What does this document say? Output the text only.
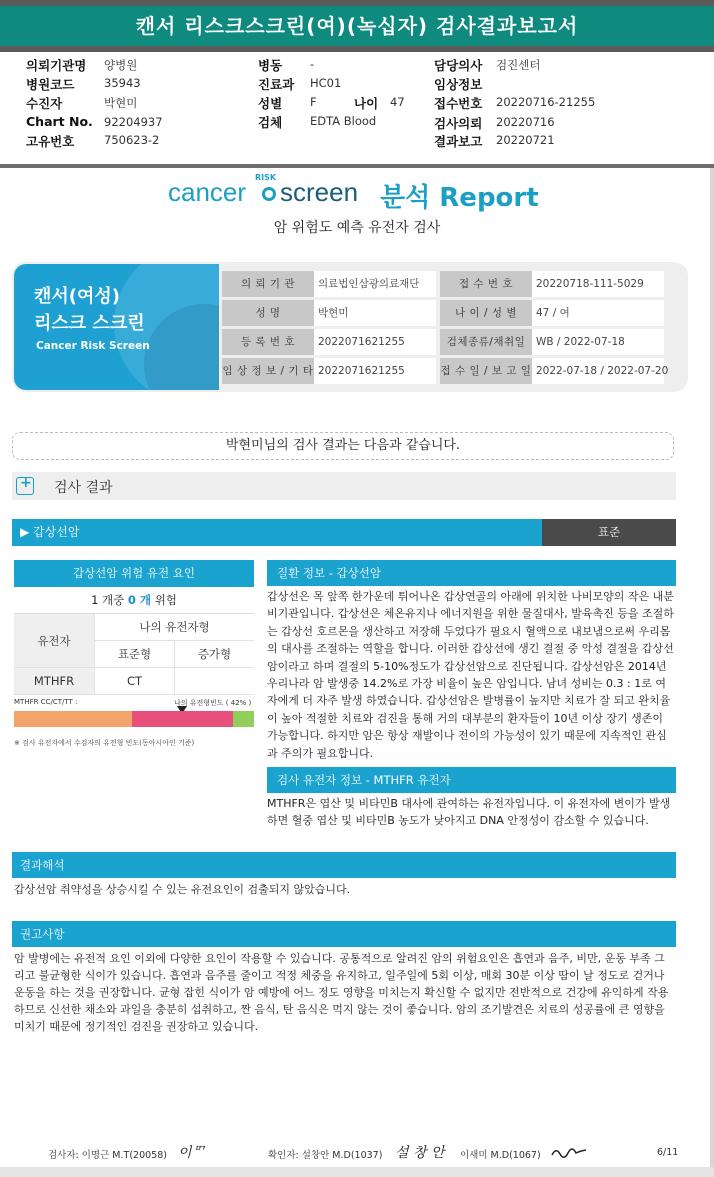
캔서 리스크스크린(여)(녹십자) 검사결과보고서
의뢰기관명 양병원
병원코드	35943
수진자	박현미
Chart No. 92204937
고유번호	750623-2
병동 -
진료과 HC01
성별 F	나이 47
검체 EDTA Blood
담당의사 검진센터
임상정보
접수번호 20220716-21255
검사의뢰 20220716
결과보고 20220721
cancer RISK screen 분석 Report
암 위험도 예측 유전자 검사
캔서(여성)
리스크 스크린
Cancer Risk Screen
의 뢰 기 관	의료법인삼광의료재단	접 수 번 호	20220718-111-5029
성 명	박현미	나 이 / 성 별	47 / 여
등 록 번 호	2022071621255	검체종류/채취일	WB / 2022-07-18
임 상 정 보 / 기 타 2022071621255	접 수 일 / 보 고 일 2022-07-18 / 2022-07-20
박현미님의 검사 결과는 다음과 같습니다.
+
검사 결과
▶ 갑상선암	표준
갑상선암 위험 유전 요인
1 개중 0 개 위험
유전자
나의 유전자형
표준형	증가형
MTHFR	CT
MTHFR CC/CT/TT :	나의 유전형빈도 ( 42% )
※ 검사 유전자에서 수검자의 유전형 빈도(동아시아인 기준)
질환 정보 - 갑상선암
갑상선은 목 앞쪽 한가운데 튀어나온 갑상연골의 아래에 위치한 나비모양의 작은 내분비기관입니다. 갑상선은 체온유지나 에너지원을 위한 물질대사, 발육촉진 등을 조절하는 갑상선 호르몬을 생산하고 저장해 두었다가 필요시 혈액으로 내보냄으로써 우리몸의 대사를 조절하는 역할을 합니다. 이러한 갑상선에 생긴 결절 중 악성 결절을 갑상선암이라고 하며 결절의 5-10%정도가 갑상선암으로 진단됩니다. 갑상선암은 2014년 우리나라 암 발생중 14.2%로 가장 비율이 높은 암입니다. 남녀 성비는 0.3 : 1로 여자에게 더 자주 발생 하였습니다. 갑상선암은 발병률이 높지만 치료가 잘 되고 완치율이 높아 적절한 치료와 검진을 통해 거의 대부분의 환자들이 10년 이상 장기 생존이 가능합니다. 하지만 암은 항상 재발이나 전이의 가능성이 있기 때문에 지속적인 관심과 주의가 필요합니다.
검사 유전자 정보 - MTHFR 유전자
MTHFR은 엽산 및 비타민B 대사에 관여하는 유전자입니다. 이 유전자에 변이가 발생하면 혈중 엽산 및 비타민B 농도가 낮아지고 DNA 안정성이 감소할 수 있습니다.
결과해석
갑상선암 취약성을 상승시킬 수 있는 유전요인이 검출되지 않았습니다.
권고사항
암 발병에는 유전적 요인 이외에 다양한 요인이 작용할 수 있습니다. 공통적으로 알려진 암의 위험요인은 흡연과 음주, 비만, 운동 부족 그리고 불균형한 식이가 있습니다. 흡연과 음주를 줄이고 적정 체중을 유지하고, 일주일에 5회 이상, 매회 30분 이상 땀이 날 정도로 걷거나 운동을 하는 것을 권장합니다. 균형 잡힌 식이가 암 예방에 어느 정도 영향을 미치는지 확신할 수 없지만 전반적으로 건강에 유익하게 작용하므로 신선한 채소와 과일을 충분히 섭취하고, 짠 음식, 탄 음식은 먹지 않는 것이 좋습니다. 암의 조기발견은 치료의 성공률에 큰 영향을 미치기 때문에 정기적인 검진을 권장하고 있습니다.
검사자: 이명근 M.T(20058) 이ᄆᄀ	확인자: 설창안 M.D(1037) 설 창 안 이새미 M.D(1067)	6/11
